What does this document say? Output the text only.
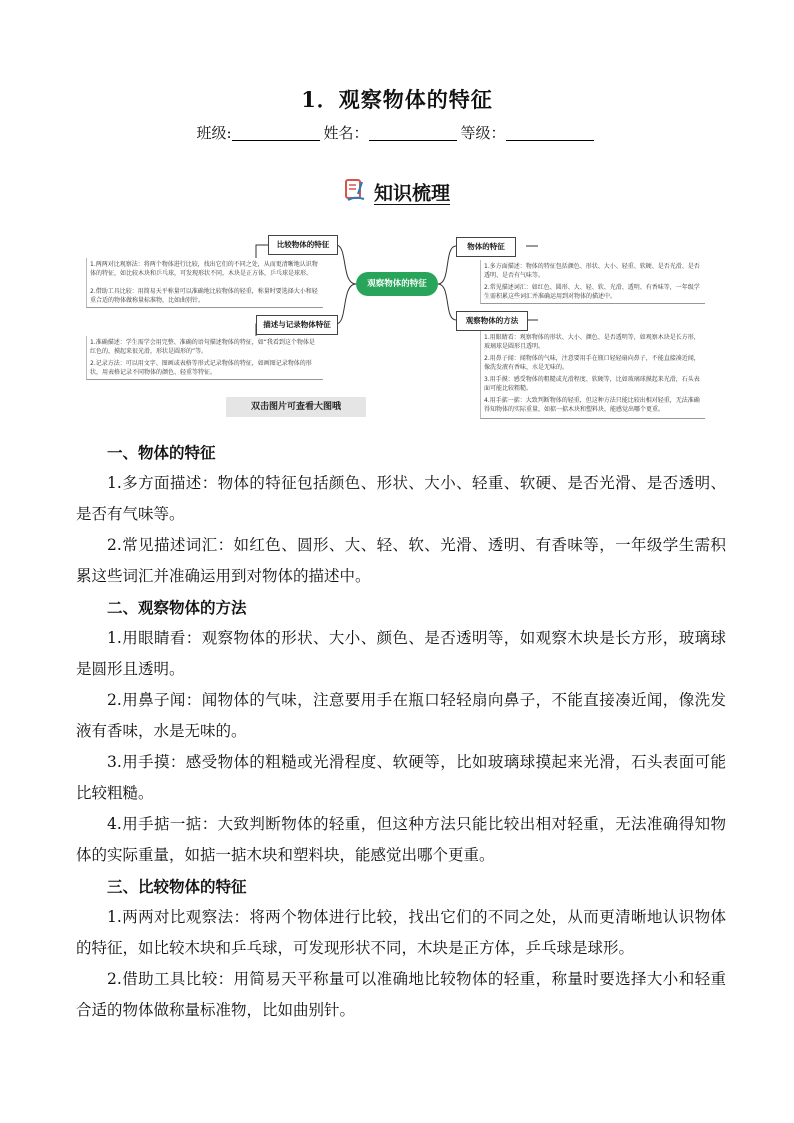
1．观察物体的特征
班级:	姓名：	等级：
知识梳理
观察物体的特征
比较物体的特征
1.两两对比观察法：将两个物体进行比较，找出它们的不同之处，从而更清晰地认识物体的特征，如比较木块和乒乓球，可发现形状不同，木块是正方体，乒乓球是球形。
2.借助工具比较：用简易天平称量可以准确地比较物体的轻重，称量时要选择大小和轻重合适的物体做称量标准物，比如曲别针。
描述与记录物体特征
1.准确描述：学生需学会用完整、准确的语句描述物体的特征，如“我看到这个物体是红色的，摸起来很光滑，形状是圆形的”等。
2.记录方法：可以用文字、图画或表格等形式记录物体的特征，如画图记录物体的形状，用表格记录不同物体的颜色、轻重等特征。
物体的特征
1.多方面描述：物体的特征包括颜色、形状、大小、轻重、软硬、是否光滑、是否透明、是否有气味等。
2.常见描述词汇：如红色、圆形、大、轻、软、光滑、透明、有香味等，一年级学生需积累这些词汇并准确运用到对物体的描述中。
观察物体的方法
1.用眼睛看：观察物体的形状、大小、颜色、是否透明等，如观察木块是长方形，玻璃球是圆形且透明。
2.用鼻子闻：闻物体的气味，注意要用手在瓶口轻轻扇向鼻子，不能直接凑近闻，像洗发液有香味，水是无味的。
3.用手摸：感受物体的粗糙或光滑程度、软硬等，比如玻璃球摸起来光滑，石头表面可能比较粗糙。
4.用手掂一掂：大致判断物体的轻重，但这种方法只能比较出相对轻重，无法准确得知物体的实际重量，如掂一掂木块和塑料块，能感觉出哪个更重。
双击图片可查看大图哦

一、物体的特征

1.多方面描述：物体的特征包括颜色、形状、大小、轻重、软硬、是否光滑、是否透明、是否有气味等。

2.常见描述词汇：如红色、圆形、大、轻、软、光滑、透明、有香味等，一年级学生需积累这些词汇并准确运用到对物体的描述中。

二、观察物体的方法

1.用眼睛看：观察物体的形状、大小、颜色、是否透明等，如观察木块是长方形，玻璃球是圆形且透明。

2.用鼻子闻：闻物体的气味，注意要用手在瓶口轻轻扇向鼻子，不能直接凑近闻，像洗发液有香味，水是无味的。

3.用手摸：感受物体的粗糙或光滑程度、软硬等，比如玻璃球摸起来光滑，石头表面可能比较粗糙。

4.用手掂一掂：大致判断物体的轻重，但这种方法只能比较出相对轻重，无法准确得知物体的实际重量，如掂一掂木块和塑料块，能感觉出哪个更重。

三、比较物体的特征

1.两两对比观察法：将两个物体进行比较，找出它们的不同之处，从而更清晰地认识物体的特征，如比较木块和乒乓球，可发现形状不同，木块是正方体，乒乓球是球形。

2.借助工具比较：用简易天平称量可以准确地比较物体的轻重，称量时要选择大小和轻重合适的物体做称量标准物，比如曲别针。
